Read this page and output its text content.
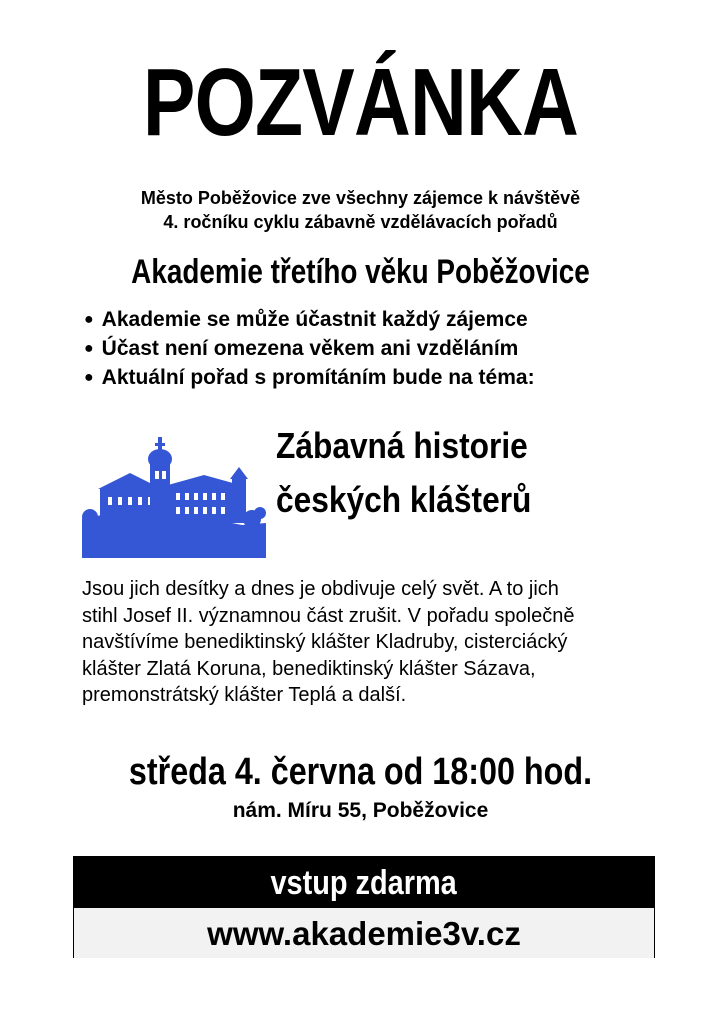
POZVÁNKA
Město Poběžovice zve všechny zájemce k návštěvě
4. ročníku cyklu zábavně vzdělávacích pořadů
Akademie třetího věku Poběžovice
● Akademie se může účastnit každý zájemce
● Účast není omezena věkem ani vzděláním
● Aktuální pořad s promítáním bude na téma:
Zábavná historie
českých klášterů
Jsou jich desítky a dnes je obdivuje celý svět. A to jich
stihl Josef II. významnou část zrušit. V pořadu společně
navštívíme benediktinský klášter Kladruby, cisterciácký
klášter Zlatá Koruna, benediktinský klášter Sázava,
premonstrátský klášter Teplá a další.
středa 4. června od 18:00 hod.
nám. Míru 55, Poběžovice
vstup zdarma
www.akademie3v.cz
